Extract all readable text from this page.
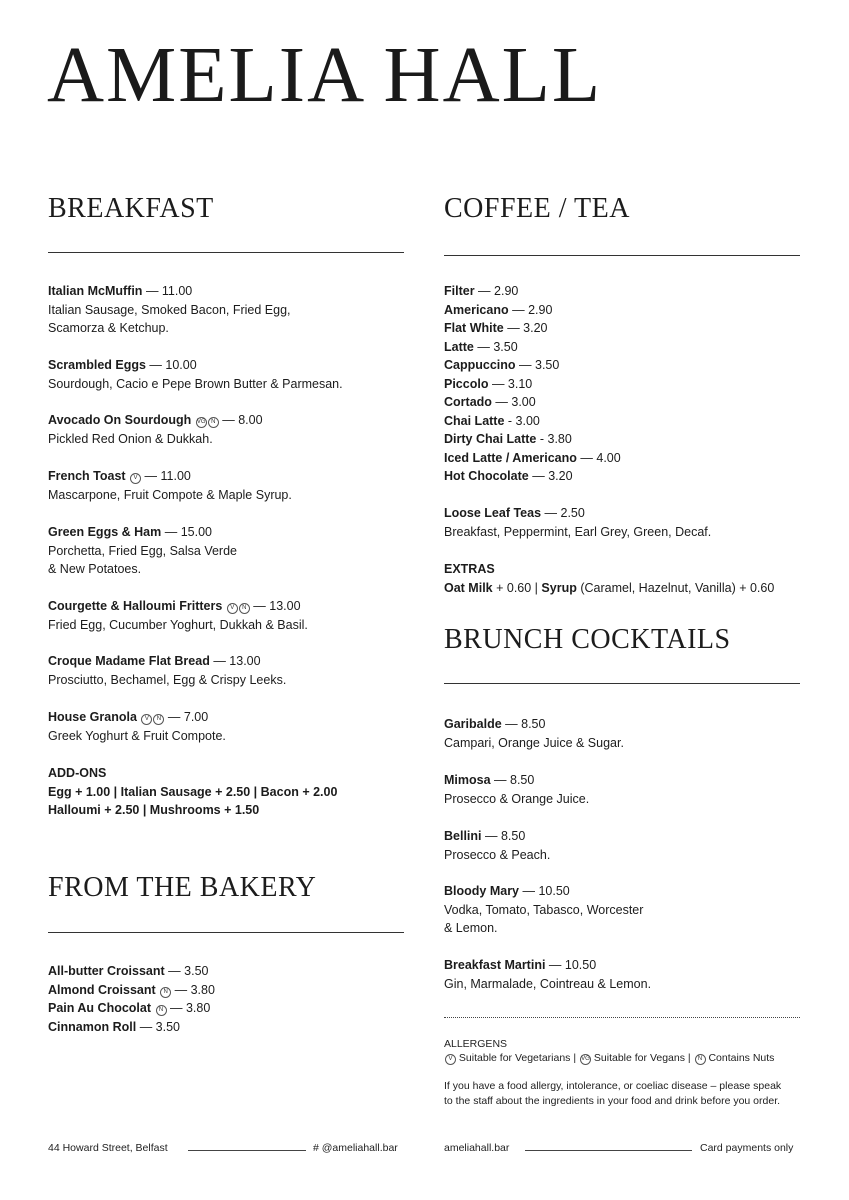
AMELIA HALL
BREAKFAST
Italian McMuffin — 11.00
Italian Sausage, Smoked Bacon, Fried Egg,
Scamorza & Ketchup.
Scrambled Eggs — 10.00
Sourdough, Cacio e Pepe Brown Butter & Parmesan.
Avocado On Sourdough VG N — 8.00
Pickled Red Onion & Dukkah.
French Toast V — 11.00
Mascarpone, Fruit Compote & Maple Syrup.
Green Eggs & Ham — 15.00
Porchetta, Fried Egg, Salsa Verde
& New Potatoes.
Courgette & Halloumi Fritters V N — 13.00
Fried Egg, Cucumber Yoghurt, Dukkah & Basil.
Croque Madame Flat Bread — 13.00
Prosciutto, Bechamel, Egg & Crispy Leeks.
House Granola V N — 7.00
Greek Yoghurt & Fruit Compote.
ADD-ONS
Egg + 1.00 | Italian Sausage + 2.50 | Bacon + 2.00
Halloumi + 2.50 | Mushrooms + 1.50
FROM THE BAKERY
All-butter Croissant — 3.50
Almond Croissant N — 3.80
Pain Au Chocolat N — 3.80
Cinnamon Roll — 3.50
COFFEE / TEA
Filter — 2.90
Americano — 2.90
Flat White — 3.20
Latte — 3.50
Cappuccino — 3.50
Piccolo — 3.10
Cortado — 3.00
Chai Latte - 3.00
Dirty Chai Latte - 3.80
Iced Latte / Americano — 4.00
Hot Chocolate — 3.20
Loose Leaf Teas — 2.50
Breakfast, Peppermint, Earl Grey, Green, Decaf.
EXTRAS
Oat Milk + 0.60 | Syrup (Caramel, Hazelnut, Vanilla) + 0.60
BRUNCH COCKTAILS
Garibalde — 8.50
Campari, Orange Juice & Sugar.
Mimosa — 8.50
Prosecco & Orange Juice.
Bellini — 8.50
Prosecco & Peach.
Bloody Mary — 10.50
Vodka, Tomato, Tabasco, Worcester
& Lemon.
Breakfast Martini — 10.50
Gin, Marmalade, Cointreau & Lemon.
ALLERGENS
V Suitable for Vegetarians | VG Suitable for Vegans | N Contains Nuts
If you have a food allergy, intolerance, or coeliac disease – please speak
to the staff about the ingredients in your food and drink before you order.
44 Howard Street, Belfast	# @ameliahall.bar	ameliahall.bar	Card payments only
